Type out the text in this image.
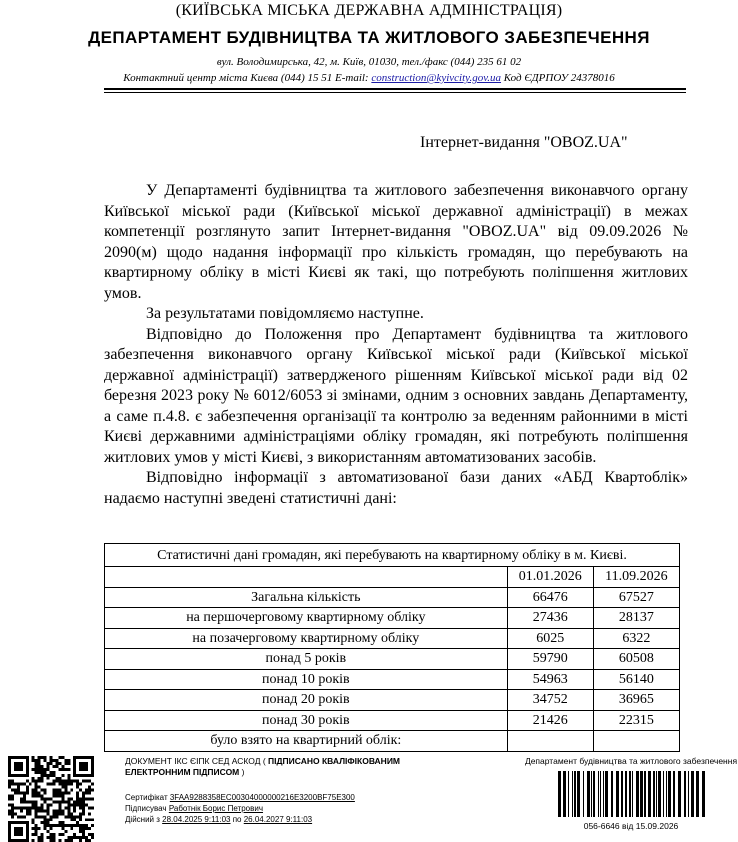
(КИЇВСЬКА МІСЬКА ДЕРЖАВНА АДМІНІСТРАЦІЯ)
ДЕПАРТАМЕНТ БУДІВНИЦТВА ТА ЖИТЛОВОГО ЗАБЕЗПЕЧЕННЯ
вул. Володимирська, 42, м. Київ, 01030, тел./факс (044) 235 61 02
Контактний центр міста Києва (044) 15 51 E-mail: construction@kyivcity.gov.ua Код ЄДРПОУ 24378016
Інтернет-видання "OBOZ.UA"

У Департаменті будівництва та житлового забезпечення виконавчого органу Київської міської ради (Київської міської державної адміністрації) в межах компетенції розглянуто запит Інтернет-видання "OBOZ.UA" від 09.09.2026 № 2090(м) щодо надання інформації про кількість громадян, що перебувають на квартирному обліку в місті Києві як такі, що потребують поліпшення житлових умов.

За результатами повідомляємо наступне.

Відповідно до Положення про Департамент будівництва та житлового забезпечення виконавчого органу Київської міської ради (Київської міської державної адміністрації) затвердженого рішенням Київської міської ради від 02 березня 2023 року № 6012/6053 зі змінами, одним з основних завдань Департаменту, а саме п.4.8. є забезпечення організації та контролю за веденням районними в місті Києві державними адміністраціями обліку громадян, які потребують поліпшення житлових умов у місті Києві, з використанням автоматизованих засобів.

Відповідно інформації з автоматизованої бази даних «АБД Квартоблік» надаємо наступні зведені статистичні дані:

Статистичні дані громадян, які перебувають на квартирному обліку в м. Києві.		
	01.01.2026	11.09.2026
Загальна кількість	66476	67527
на першочерговому квартирному обліку	27436	28137
на позачерговому квартирному обліку	6025	6322
понад 5 років	59790	60508
понад 10 років	54963	56140
понад 20 років	34752	36965
понад 30 років	21426	22315
було взято на квартирний облік:		
ДОКУМЕНТ ІКС ЄІПК СЕД АСКОД ( ПІДПИСАНО КВАЛІФІКОВАНИМ
ЕЛЕКТРОННИМ ПІДПИСОМ )
Сертифікат 3FAA9288358EC00304000000216E3200BF75E300
Підписувач Работнік Борис Петрович
Дійсний з 28.04.2025 9:11:03 по 26.04.2027 9:11:03
Департамент будівництва та житлового забезпечення
056-6646 від 15.09.2026
